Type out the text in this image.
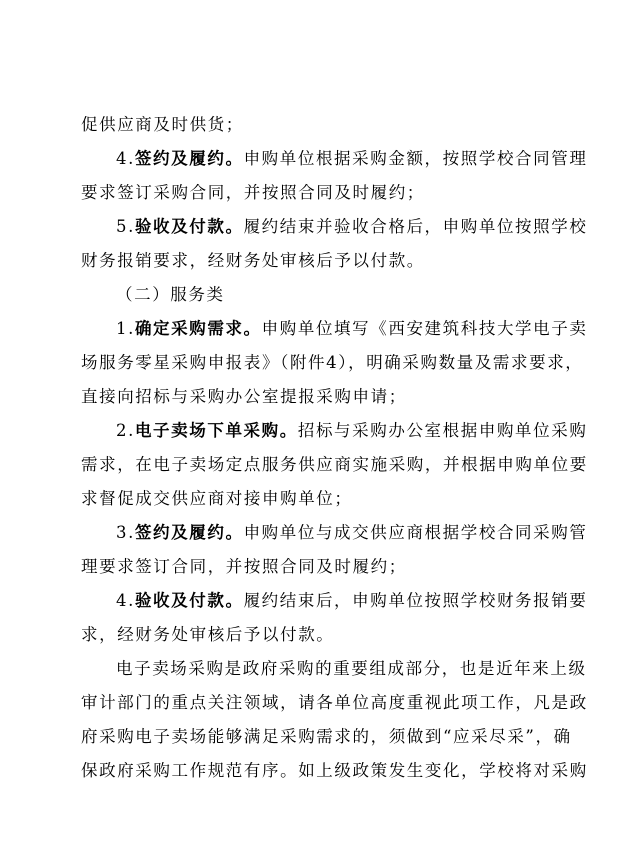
促供应商及时供货；
4.签约及履约。申购单位根据采购金额，按照学校合同管理
要求签订采购合同，并按照合同及时履约；
5.验收及付款。履约结束并验收合格后，申购单位按照学校
财务报销要求，经财务处审核后予以付款。
（二）服务类
1.确定采购需求。申购单位填写《西安建筑科技大学电子卖
场服务零星采购申报表》（附件4），明确采购数量及需求要求，
直接向招标与采购办公室提报采购申请；
2.电子卖场下单采购。招标与采购办公室根据申购单位采购
需求，在电子卖场定点服务供应商实施采购，并根据申购单位要
求督促成交供应商对接申购单位；
3.签约及履约。申购单位与成交供应商根据学校合同采购管
理要求签订合同，并按照合同及时履约；
4.验收及付款。履约结束后，申购单位按照学校财务报销要
求，经财务处审核后予以付款。
电子卖场采购是政府采购的重要组成部分，也是近年来上级
审计部门的重点关注领域，请各单位高度重视此项工作，凡是政
府采购电子卖场能够满足采购需求的，须做到“应采尽采”，确
保政府采购工作规范有序。如上级政策发生变化，学校将对采购
